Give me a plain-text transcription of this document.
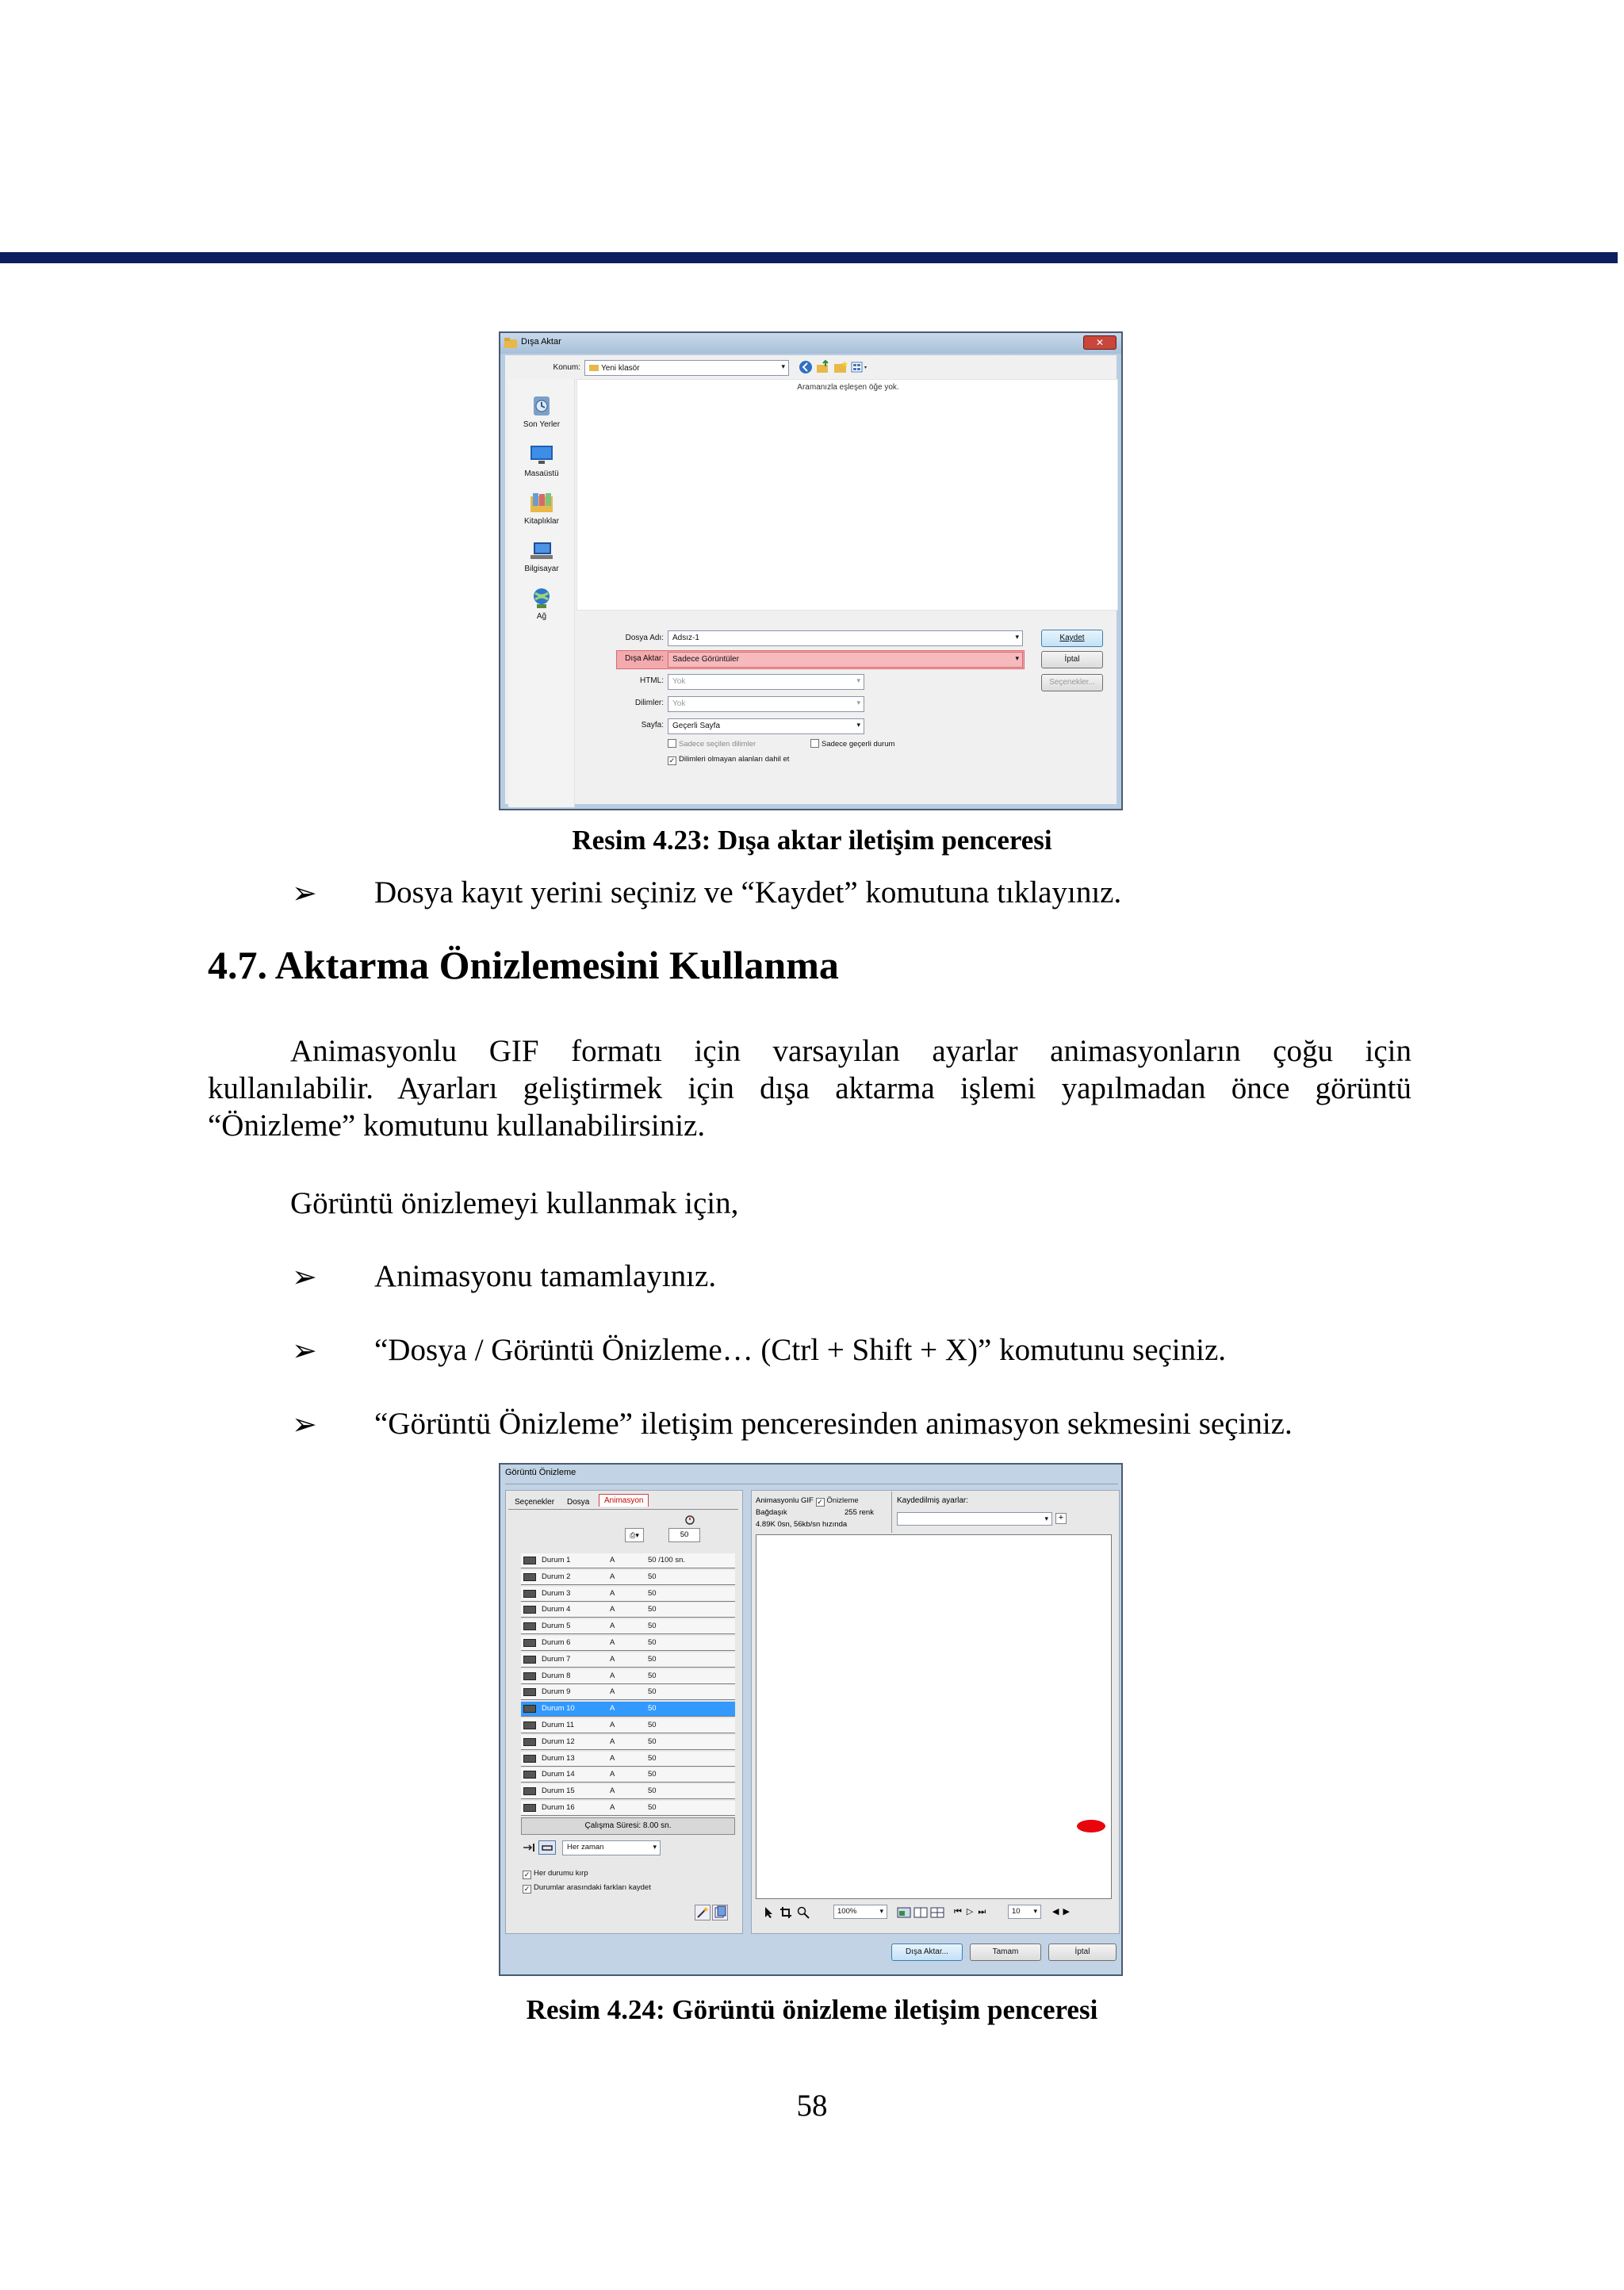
Dışa Aktar	✕
Konum:	Yeni klasör	▾
Son Yerler
Masaüstü
Kitaplıklar
Bilgisayar
Ağ
Aramanızla eşleşen öğe yok.
Dosya Adı:	Adsız-1	▾
Dışa Aktar:	Sadece Görüntüler	▾
HTML:	Yok	▾
Dilimler:	Yok	▾
Sayfa:	Geçerli Sayfa	▾
Sadece seçilen dilimler	Sadece geçerli durum
✓ Dilimleri olmayan alanları dahil et
Kaydet
İptal
Seçenekler...
Resim 4.23: Dışa aktar iletişim penceresi
➢ Dosya kayıt yerini seçiniz ve “Kaydet” komutuna tıklayınız.
4.7. Aktarma Önizlemesini Kullanma
Animasyonlu GIF formatı için varsayılan ayarlar animasyonların çoğu için
kullanılabilir. Ayarları geliştirmek için dışa aktarma işlemi yapılmadan önce görüntü
“Önizleme” komutunu kullanabilirsiniz.
Görüntü önizlemeyi kullanmak için,
➢ Animasyonu tamamlayınız.
➢ “Dosya / Görüntü Önizleme… (Ctrl + Shift + X)” komutunu seçiniz.
➢ “Görüntü Önizleme” iletişim penceresinden animasyon sekmesini seçiniz.
Görüntü Önizleme
Seçenekler	Dosya	Animasyon
⎙▾	50
Durum 1	A	50 /100 sn.
Durum 2	A	50
Durum 3	A	50
Durum 4	A	50
Durum 5	A	50
Durum 6	A	50
Durum 7	A	50
Durum 8	A	50
Durum 9	A	50
Durum 10	A	50
Durum 11	A	50
Durum 12	A	50
Durum 13	A	50
Durum 14	A	50
Durum 15	A	50
Durum 16	A	50
Çalışma Süresi: 8.00 sn.
Her zaman	▾
✓ Her durumu kırp
✓ Durumlar arasındaki farkları kaydet
Animasyonlu GIF ✓ Önizleme
Bağdaşık	255 renk
4.89K 0sn, 56kb/sn hızında
Kaydedilmiş ayarlar:
▾	+
100%	▾	⏮▷⏭	10 ▾ ◀▶
Dışa Aktar...	Tamam	İptal
Resim 4.24: Görüntü önizleme iletişim penceresi
58
